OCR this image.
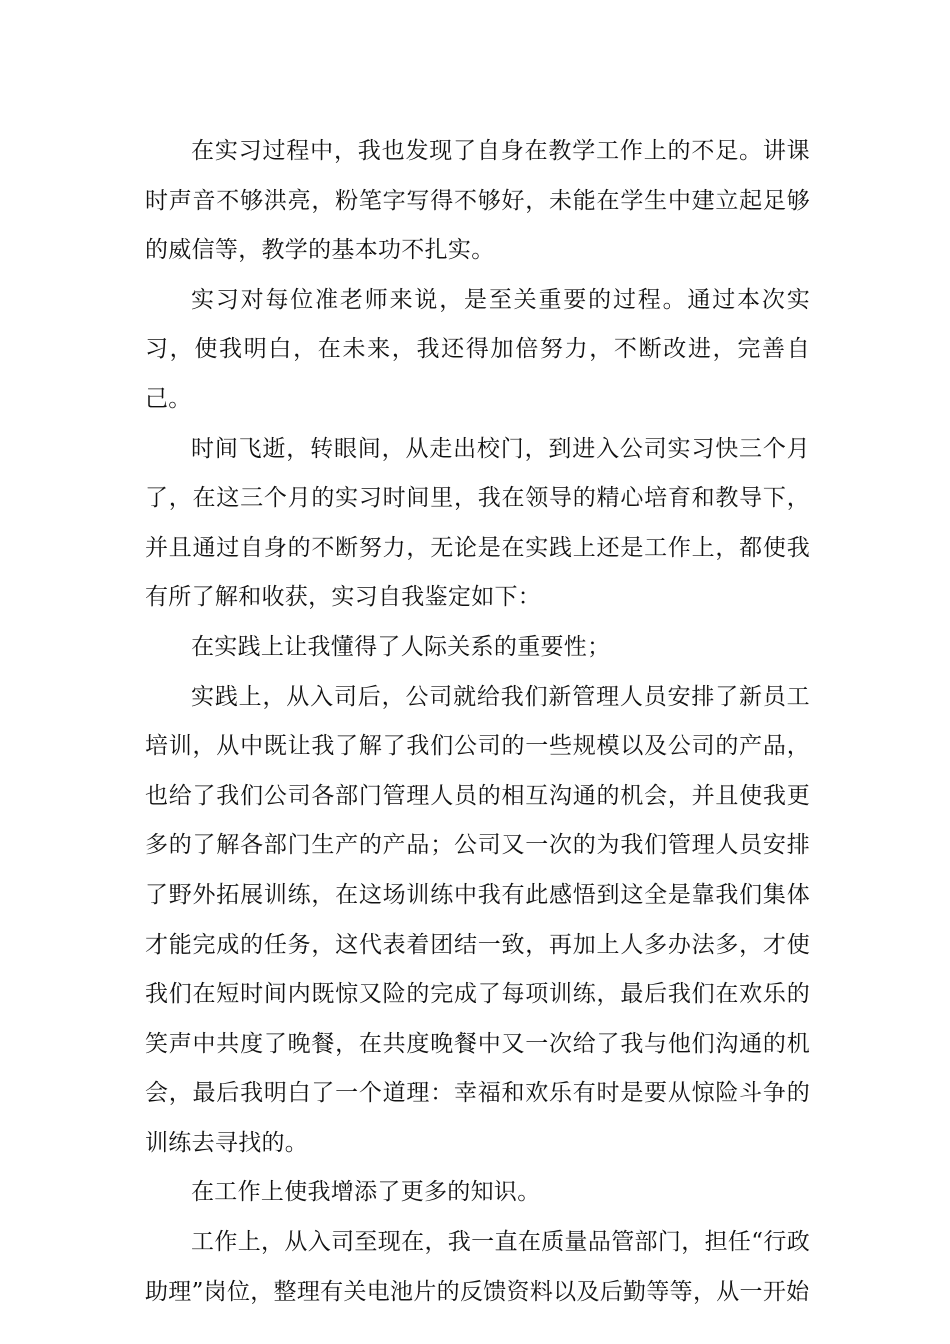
在实习过程中，我也发现了自身在教学工作上的不足。讲课时声音不够洪亮，粉笔字写得不够好，未能在学生中建立起足够的威信等，教学的基本功不扎实。

实习对每位准老师来说，是至关重要的过程。通过本次实习，使我明白，在未来，我还得加倍努力，不断改进，完善自己。

时间飞逝，转眼间，从走出校门，到进入公司实习快三个月了，在这三个月的实习时间里，我在领导的精心培育和教导下，并且通过自身的不断努力，无论是在实践上还是工作上，都使我有所了解和收获，实习自我鉴定如下：

在实践上让我懂得了人际关系的重要性；

实践上，从入司后，公司就给我们新管理人员安排了新员工培训，从中既让我了解了我们公司的一些规模以及公司的产品，也给了我们公司各部门管理人员的相互沟通的机会，并且使我更多的了解各部门生产的产品；公司又一次的为我们管理人员安排了野外拓展训练，在这场训练中我有此感悟到这全是靠我们集体才能完成的任务，这代表着团结一致，再加上人多办法多，才使我们在短时间内既惊又险的完成了每项训练，最后我们在欢乐的笑声中共度了晚餐，在共度晚餐中又一次给了我与他们沟通的机会，最后我明白了一个道理：幸福和欢乐有时是要从惊险斗争的训练去寻找的。

在工作上使我增添了更多的知识。

工作上，从入司至现在，我一直在质量品管部门，担任“行政助理”岗位，整理有关电池片的反馈资料以及后勤等等，从一开始
